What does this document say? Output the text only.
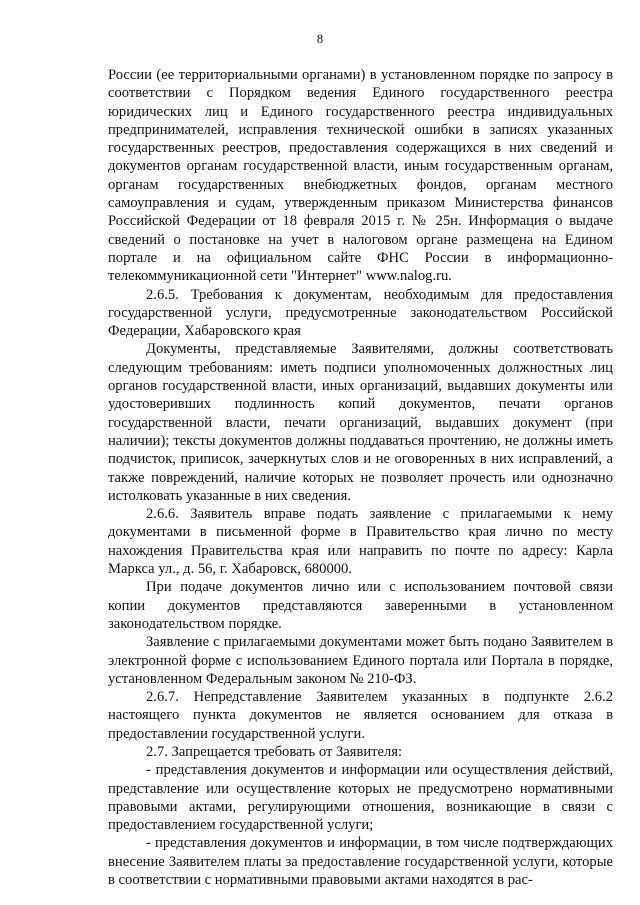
8

России (ее территориальными органами) в установленном порядке по запросу в соответствии с Порядком ведения Единого государственного реестра юридических лиц и Единого государственного реестра индивидуальных предпринимателей, исправления технической ошибки в записях указанных государственных реестров, предоставления содержащихся в них сведений и документов органам государственной власти, иным государственным органам, органам государственных внебюджетных фондов, органам местного самоуправления и судам, утвержденным приказом Министерства финансов Российской Федерации от 18 февраля 2015 г. № 25н. Информация о выдаче сведений о постановке на учет в налоговом органе размещена на Едином портале и на официальном сайте ФНС России в информационно-телекоммуникационной сети "Интернет" www.nalog.ru.

2.6.5. Требования к документам, необходимым для предоставления государственной услуги, предусмотренные законодательством Российской Федерации, Хабаровского края

Документы, представляемые Заявителями, должны соответствовать следующим требованиям: иметь подписи уполномоченных должностных лиц органов государственной власти, иных организаций, выдавших документы или удостоверивших подлинность копий документов, печати органов государственной власти, печати организаций, выдавших документ (при наличии); тексты документов должны поддаваться прочтению, не должны иметь подчисток, приписок, зачеркнутых слов и не оговоренных в них исправлений, а также повреждений, наличие которых не позволяет прочесть или однозначно истолковать указанные в них сведения.

2.6.6. Заявитель вправе подать заявление с прилагаемыми к нему документами в письменной форме в Правительство края лично по месту нахождения Правительства края или направить по почте по адресу: Карла Маркса ул., д. 56, г. Хабаровск, 680000.

При подаче документов лично или с использованием почтовой связи копии документов представляются заверенными в установленном законодательством порядке.

Заявление с прилагаемыми документами может быть подано Заявителем в электронной форме с использованием Единого портала или Портала в порядке, установленном Федеральным законом № 210-ФЗ.

2.6.7. Непредставление Заявителем указанных в подпункте 2.6.2 настоящего пункта документов не является основанием для отказа в предоставлении государственной услуги.

2.7. Запрещается требовать от Заявителя:

- представления документов и информации или осуществления действий, представление или осуществление которых не предусмотрено нормативными правовыми актами, регулирующими отношения, возникающие в связи с предоставлением государственной услуги;

- представления документов и информации, в том числе подтверждающих внесение Заявителем платы за предоставление государственной услуги, которые в соответствии с нормативными правовыми актами находятся в рас-
